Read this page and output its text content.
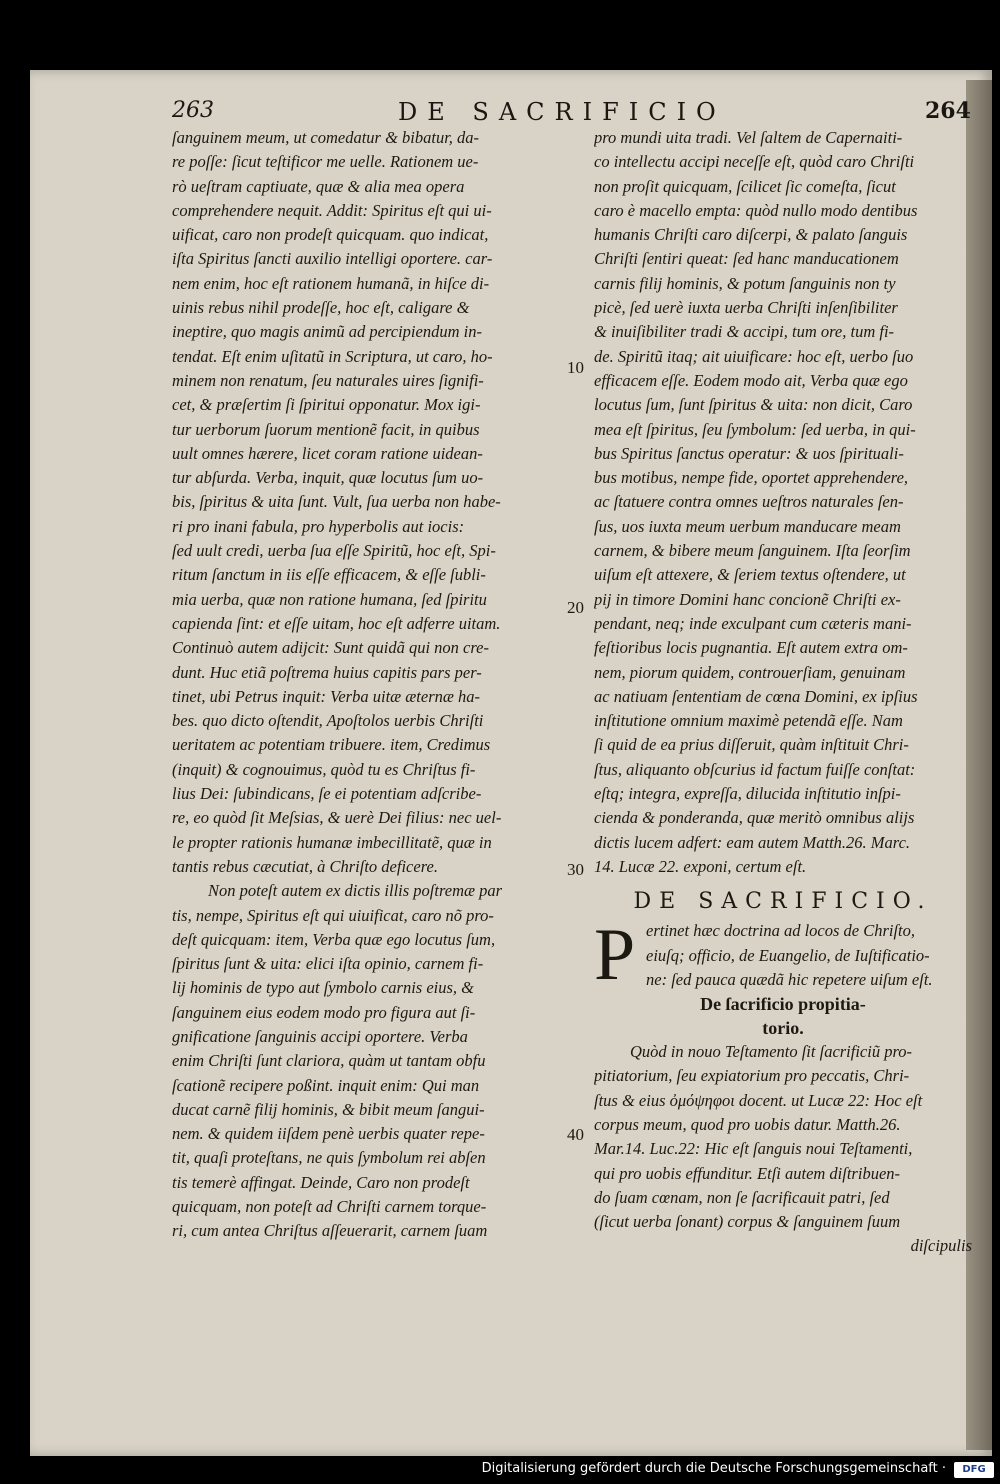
263	DE SACRIFICIO	264
ſanguinem meum, ut comedatur & bibatur, da-
re poſſe: ſicut teſtificor me uelle. Rationem ue-
rò ueſtram captiuate, quæ & alia mea opera
comprehendere nequit. Addit: Spiritus eſt qui ui-
uificat, caro non prodeſt quicquam. quo indicat,
iſta Spiritus ſancti auxilio intelligi oportere. car-
nem enim, hoc eſt rationem humanã, in hiſce di-
uinis rebus nihil prodeſſe, hoc eſt, caligare &
ineptire, quo magis animũ ad percipiendum in-
tendat. Eſt enim uſitatũ in Scriptura, ut caro, ho-
minem non renatum, ſeu naturales uires ſignifi-
cet, & præſertim ſi ſpiritui opponatur. Mox igi-
tur uerborum ſuorum mentionẽ facit, in quibus
uult omnes hærere, licet coram ratione uidean-
tur abſurda. Verba, inquit, quæ locutus ſum uo-
bis, ſpiritus & uita ſunt. Vult, ſua uerba non habe-
ri pro inani fabula, pro hyperbolis aut iocis:
ſed uult credi, uerba ſua eſſe Spiritũ, hoc eſt, Spi-
ritum ſanctum in iis eſſe efficacem, & eſſe ſubli-
mia uerba, quæ non ratione humana, ſed ſpiritu
capienda ſint: et eſſe uitam, hoc eſt adferre uitam.
Continuò autem adijcit: Sunt quidã qui non cre-
dunt. Huc etiã poſtrema huius capitis pars per-
tinet, ubi Petrus inquit: Verba uitæ æternæ ha-
bes. quo dicto oſtendit, Apoſtolos uerbis Chriſti
ueritatem ac potentiam tribuere. item, Credimus
(inquit) & cognouimus, quòd tu es Chriſtus fi-
lius Dei: ſubindicans, ſe ei potentiam adſcribe-
re, eo quòd ſit Meſsias, & uerè Dei filius: nec uel-
le propter rationis humanæ imbecillitatẽ, quæ in
tantis rebus cæcutiat, à Chriſto deficere.
Non poteſt autem ex dictis illis poſtremæ par
tis, nempe, Spiritus eſt qui uiuificat, caro nõ pro-
deſt quicquam: item, Verba quæ ego locutus ſum,
ſpiritus ſunt & uita: elici iſta opinio, carnem fi-
lij hominis de typo aut ſymbolo carnis eius, &
ſanguinem eius eodem modo pro figura aut ſi-
gnificatione ſanguinis accipi oportere. Verba
enim Chriſti ſunt clariora, quàm ut tantam obfu
ſcationẽ recipere poßint. inquit enim: Qui man
ducat carnẽ filij hominis, & bibit meum ſangui-
nem. & quidem iiſdem penè uerbis quater repe-
tit, quaſi proteſtans, ne quis ſymbolum rei abſen
tis temerè affingat. Deinde, Caro non prodeſt
quicquam, non poteſt ad Chriſti carnem torque-
ri, cum antea Chriſtus aſſeuerarit, carnem ſuam
pro mundi uita tradi. Vel ſaltem de Capernaiti-
co intellectu accipi neceſſe eſt, quòd caro Chriſti
non proſit quicquam, ſcilicet ſic comeſta, ſicut
caro è macello empta: quòd nullo modo dentibus
humanis Chriſti caro diſcerpi, & palato ſanguis
Chriſti ſentiri queat: ſed hanc manducationem
carnis filij hominis, & potum ſanguinis non ty
picè, ſed uerè iuxta uerba Chriſti inſenſibiliter
& inuiſibiliter tradi & accipi, tum ore, tum fi-
de. Spiritũ itaq; ait uiuificare: hoc eſt, uerbo ſuo
efficacem eſſe. Eodem modo ait, Verba quæ ego
locutus ſum, ſunt ſpiritus & uita: non dicit, Caro
mea eſt ſpiritus, ſeu ſymbolum: ſed uerba, in qui-
bus Spiritus ſanctus operatur: & uos ſpirituali-
bus motibus, nempe fide, oportet apprehendere,
ac ſtatuere contra omnes ueſtros naturales ſen-
ſus, uos iuxta meum uerbum manducare meam
carnem, & bibere meum ſanguinem. Iſta ſeorſim
uiſum eſt attexere, & ſeriem textus oſtendere, ut
pij in timore Domini hanc concionẽ Chriſti ex-
pendant, neq; inde exculpant cum cæteris mani-
feſtioribus locis pugnantia. Eſt autem extra om-
nem, piorum quidem, controuerſiam, genuinam
ac natiuam ſententiam de cœna Domini, ex ipſius
inſtitutione omnium maximè petendã eſſe. Nam
ſi quid de ea prius diſſeruit, quàm inſtituit Chri-
ſtus, aliquanto obſcurius id factum fuiſſe conſtat:
eſtq; integra, expreſſa, dilucida inſtitutio inſpi-
cienda & ponderanda, quæ meritò omnibus alijs
dictis lucem adfert: eam autem Matth.26. Marc.
14. Lucæ 22. exponi, certum eſt.
DE SACRIFICIO.
P ertinet hæc doctrina ad locos de Chriſto,
eiuſq; officio, de Euangelio, de Iuſtificatio-
ne: ſed pauca quædã hic repetere uiſum eſt.
De ſacrificio propitia-
torio.
Quòd in nouo Teſtamento ſit ſacrificiũ pro-
pitiatorium, ſeu expiatorium pro peccatis, Chri-
ſtus & eius ὀμόψηφοι docent. ut Lucæ 22: Hoc eſt
corpus meum, quod pro uobis datur. Matth.26.
Mar.14. Luc.22: Hic eſt ſanguis noui Teſtamenti,
qui pro uobis effunditur. Etſi autem diſtribuen-
do ſuam cœnam, non ſe ſacrificauit patri, ſed
(ſicut uerba ſonant) corpus & ſanguinem ſuum
diſcipulis
10
20
30
40
Digitalisierung gefördert durch die Deutsche Forschungsgemeinschaft ·	DFG
